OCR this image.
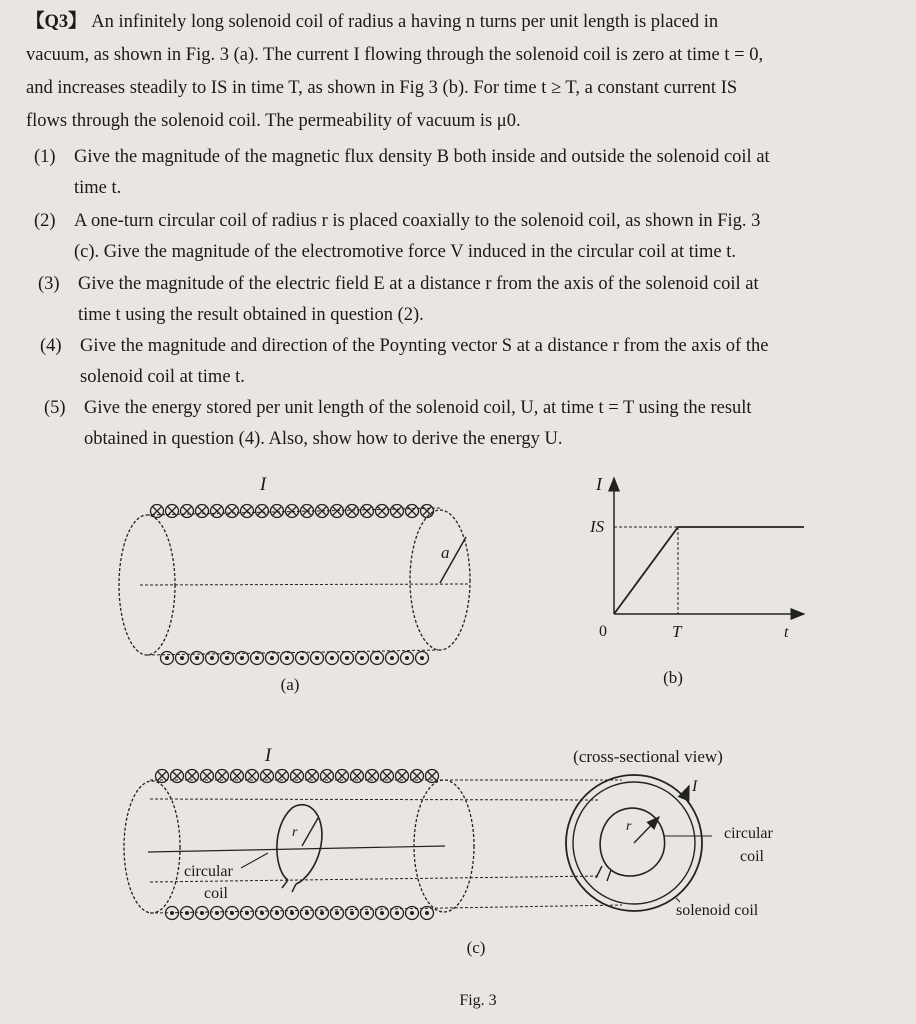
【Q3】 An infinitely long solenoid coil of radius a having n turns per unit length is placed in
vacuum, as shown in Fig. 3 (a). The current I flowing through the solenoid coil is zero at time t = 0,
and increases steadily to IS in time T, as shown in Fig 3 (b). For time t ≥ T, a constant current IS
flows through the solenoid coil. The permeability of vacuum is μ0.
(1) Give the magnitude of the magnetic flux density B both inside and outside the solenoid coil at
time t.
(2) A one-turn circular coil of radius r is placed coaxially to the solenoid coil, as shown in Fig. 3
(c). Give the magnitude of the electromotive force V induced in the circular coil at time t.
(3) Give the magnitude of the electric field E at a distance r from the axis of the solenoid coil at
time t using the result obtained in question (2).
(4) Give the magnitude and direction of the Poynting vector S at a distance r from the axis of the
solenoid coil at time t.
(5) Give the energy stored per unit length of the solenoid coil, U, at time t = T using the result
obtained in question (4). Also, show how to derive the energy U.
I
a
(a)
I
IS
0	T	t
(b)
I
r
circular
coil
(c)
(cross-sectional view)
r
I
circular
coil
solenoid coil
Fig. 3
